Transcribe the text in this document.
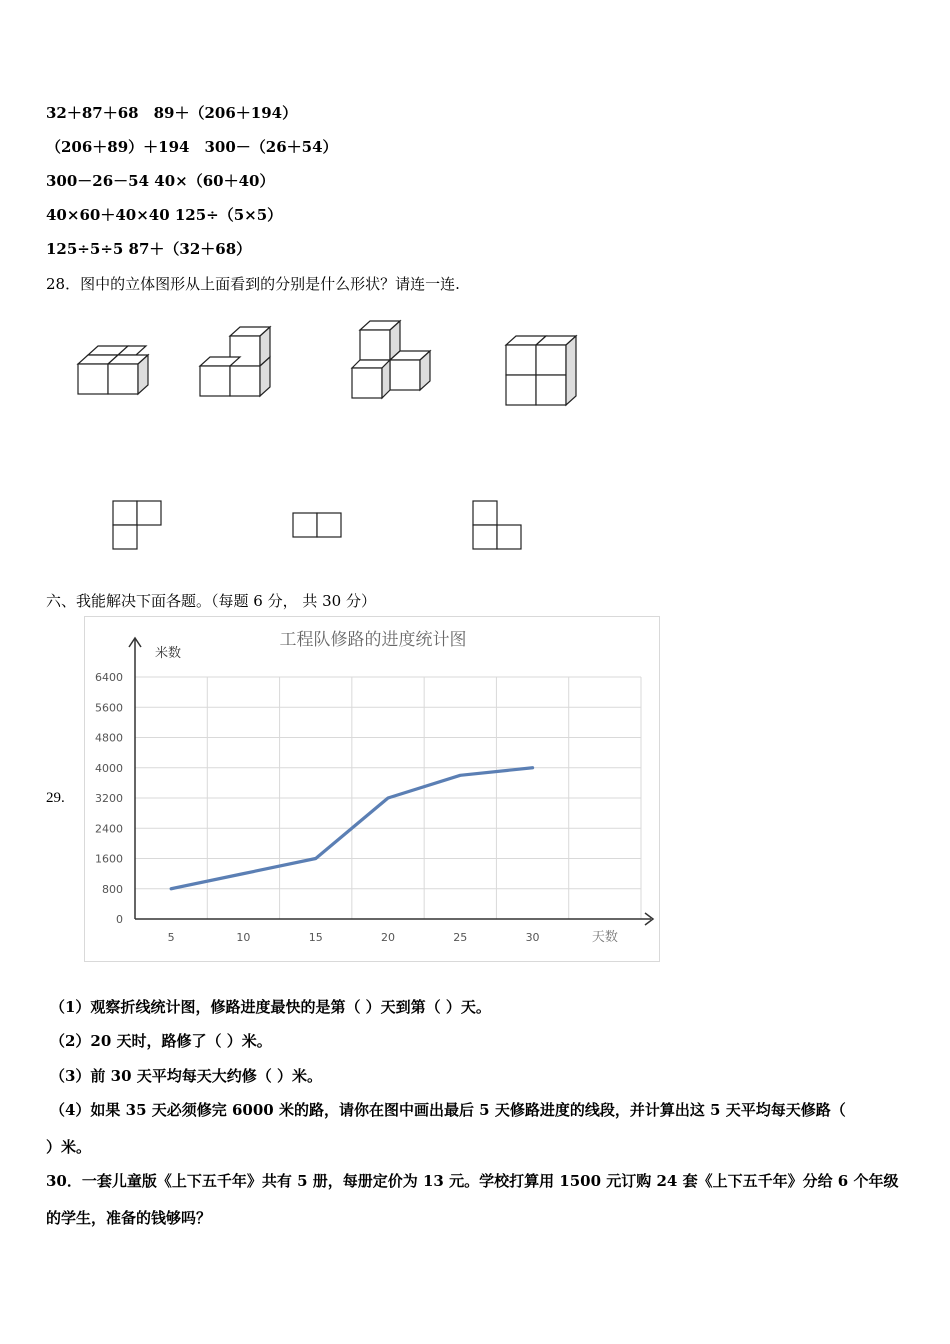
32＋87＋68　89＋（206＋194）
（206＋89）＋194　300－（26＋54）
300－26－54 40×（60＋40）
40×60＋40×40 125÷（5×5）
125÷5÷5 87＋（32＋68）
28．图中的立体图形从上面看到的分别是什么形状？请连一连.
六、我能解决下面各题。（每题 6 分， 共 30 分）
29.
工程队修路的进度统计图
米数
0
800
1600
2400
3200
4000
4800
5600
6400
5	10	15	20	25	30	天数
（1）观察折线统计图，修路进度最快的是第（ ）天到第（ ）天。
（2）20 天时，路修了（ ）米。
（3）前 30 天平均每天大约修（ ）米。
（4）如果 35 天必须修完 6000 米的路，请你在图中画出最后 5 天修路进度的线段，并计算出这 5 天平均每天修路（
）米。
30．一套儿童版《上下五千年》共有 5 册，每册定价为 13 元。学校打算用 1500 元订购 24 套《上下五千年》分给 6 个年级
的学生，准备的钱够吗？
